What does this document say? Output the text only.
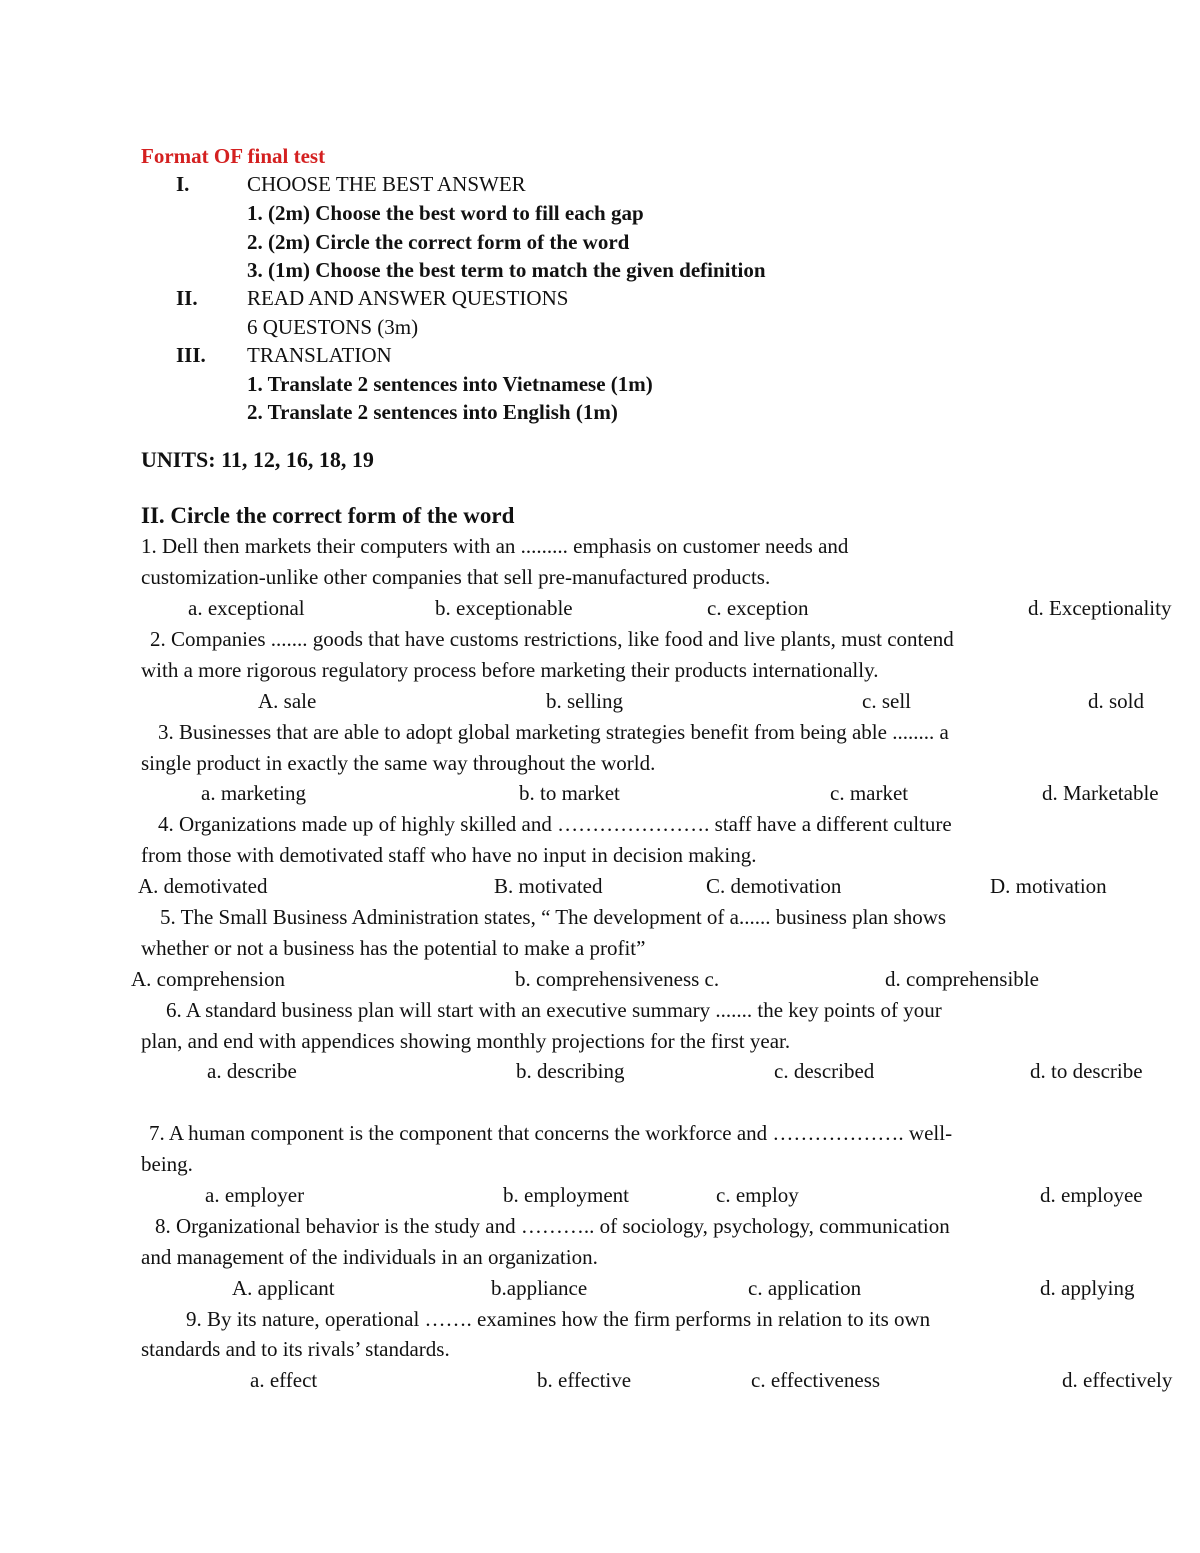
Format OF final test
I.	CHOOSE THE BEST ANSWER
1. (2m) Choose the best word to fill each gap
2. (2m) Circle the correct form of the word
3. (1m) Choose the best term to match the given definition
II. READ AND ANSWER QUESTIONS
6 QUESTONS (3m)
III. TRANSLATION
1. Translate 2 sentences into Vietnamese (1m)
2. Translate 2 sentences into English (1m)
UNITS: 11, 12, 16, 18, 19
II. Circle the correct form of the word
1. Dell then markets their computers with an ......... emphasis on customer needs and
customization-unlike other companies that sell pre-manufactured products.
a. exceptional	b. exceptionable	c. exception	d. Exceptionality
2. Companies ....... goods that have customs restrictions, like food and live plants, must contend
with a more rigorous regulatory process before marketing their products internationally.
A. sale	b. selling	c. sell	d. sold
3. Businesses that are able to adopt global marketing strategies benefit from being able ........ a
single product in exactly the same way throughout the world.
a. marketing	b. to market	c. market	d. Marketable
4. Organizations made up of highly skilled and …………………. staff have a different culture
from those with demotivated staff who have no input in decision making.
A. demotivated	B. motivated	C. demotivation	D. motivation
5. The Small Business Administration states, “ The development of a...... business plan shows
whether or not a business has the potential to make a profit”
A. comprehension	b. comprehensiveness c.	d. comprehensible
6. A standard business plan will start with an executive summary ....... the key points of your
plan, and end with appendices showing monthly projections for the first year.
a. describe	b. describing	c. described	d. to describe
7. A human component is the component that concerns the workforce and ………………. well-
being.
a. employer	b. employment	c. employ	d. employee
8. Organizational behavior is the study and ……….. of sociology, psychology, communication
and management of the individuals in an organization.
A. applicant	b.appliance	c. application	d. applying
9. By its nature, operational ……. examines how the firm performs in relation to its own
standards and to its rivals’ standards.
a. effect	b. effective	c. effectiveness	d. effectively
